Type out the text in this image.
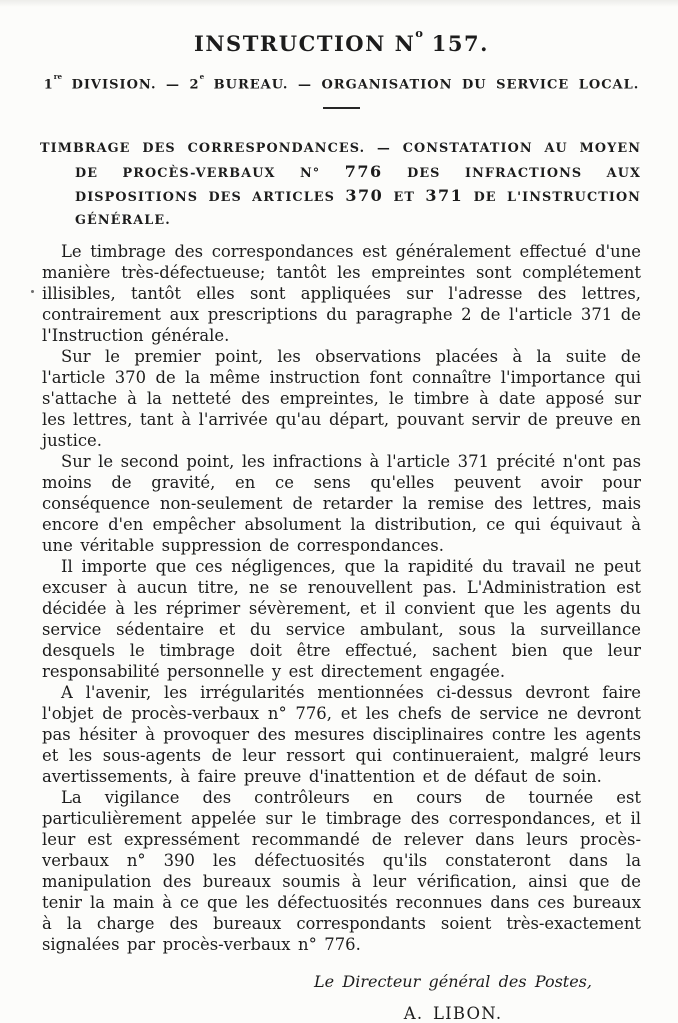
INSTRUCTION $N^o$ 157.

1re DIVISION. — 2e BUREAU. — ORGANISATION DU SERVICE LOCAL.

TIMBRAGE DES CORRESPONDANCES. — CONSTATATION AU MOYEN DE PROCÈS-VERBAUX N° 776 DES INFRACTIONS AUX DISPOSITIONS DES ARTICLES 370 ET 371 DE L'INSTRUCTION GÉNÉRALE.

Le timbrage des correspondances est généralement effectué d'une manière très-défectueuse; tantôt les empreintes sont complétement illisibles, tantôt elles sont appliquées sur l'adresse des lettres, contrairement aux prescriptions du paragraphe 2 de l'article 371 de l'Instruction générale.

Sur le premier point, les observations placées à la suite de l'article 370 de la même instruction font connaître l'importance qui s'attache à la netteté des empreintes, le timbre à date apposé sur les lettres, tant à l'arrivée qu'au départ, pouvant servir de preuve en justice.

Sur le second point, les infractions à l'article 371 précité n'ont pas moins de gravité, en ce sens qu'elles peuvent avoir pour conséquence non-seulement de retarder la remise des lettres, mais encore d'en empêcher absolument la distribution, ce qui équivaut à une véritable suppression de correspondances.

Il importe que ces négligences, que la rapidité du travail ne peut excuser à aucun titre, ne se renouvellent pas. L'Administration est décidée à les réprimer sévèrement, et il convient que les agents du service sédentaire et du service ambulant, sous la surveillance desquels le timbrage doit être effectué, sachent bien que leur responsabilité personnelle y est directement engagée.

A l'avenir, les irrégularités mentionnées ci-dessus devront faire l'objet de procès-verbaux n° 776, et les chefs de service ne devront pas hésiter à provoquer des mesures disciplinaires contre les agents et les sous-agents de leur ressort qui continueraient, malgré leurs avertissements, à faire preuve d'inattention et de défaut de soin.

La vigilance des contrôleurs en cours de tournée est particulièrement appelée sur le timbrage des correspondances, et il leur est expressément recommandé de relever dans leurs procès-verbaux n° 390 les défectuosités qu'ils constateront dans la manipulation des bureaux soumis à leur vérification, ainsi que de tenir la main à ce que les défectuosités reconnues dans ces bureaux à la charge des bureaux correspondants soient très-exactement signalées par procès-verbaux n° 776.

Le Directeur général des Postes,
A. LIBON.
